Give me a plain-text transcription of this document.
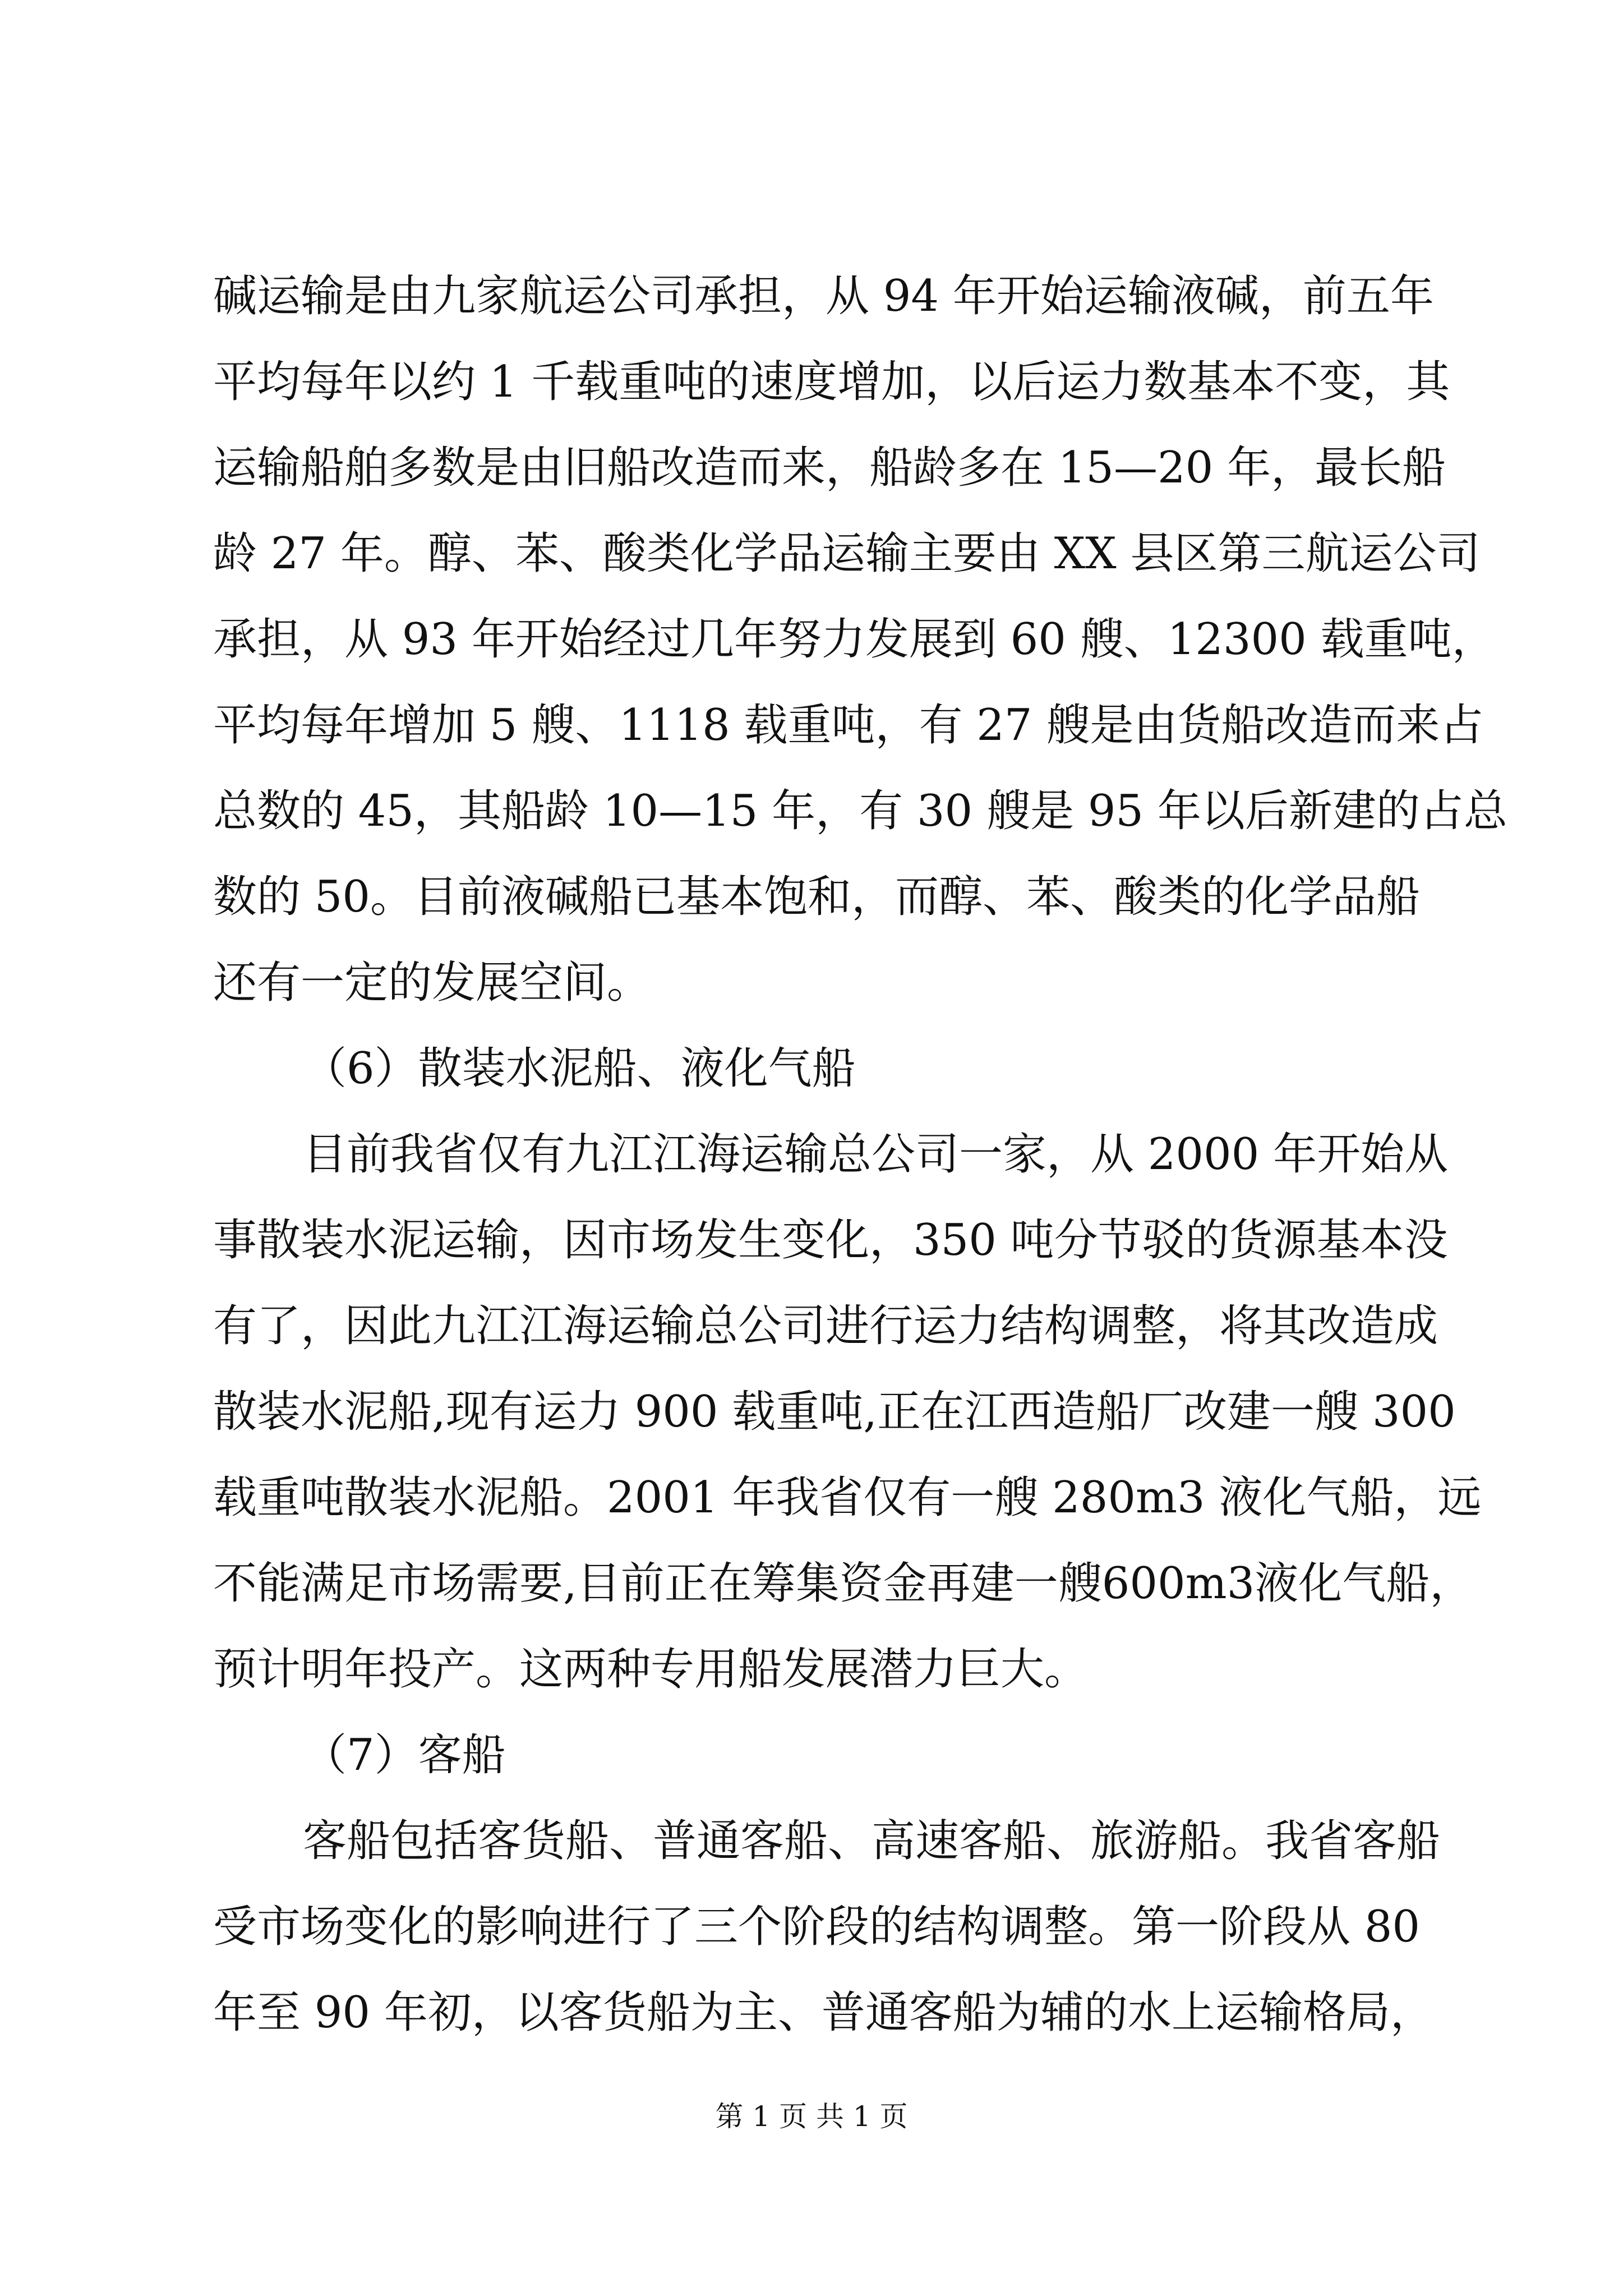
碱运输是由九家航运公司承担，从 94 年开始运输液碱，前五年
平均每年以约 1 千载重吨的速度增加，以后运力数基本不变，其
运输船舶多数是由旧船改造而来，船龄多在 15—20 年，最长船
龄 27 年。醇、苯、酸类化学品运输主要由 XX 县区第三航运公司
承担，从 93 年开始经过几年努力发展到 60 艘、12300 载重吨，
平均每年增加 5 艘、1118 载重吨，有 27 艘是由货船改造而来占
总数的 45，其船龄 10—15 年，有 30 艘是 95 年以后新建的占总
数的 50。目前液碱船已基本饱和，而醇、苯、酸类的化学品船
还有一定的发展空间。
（6）散装水泥船、液化气船
目前我省仅有九江江海运输总公司一家，从 2000 年开始从
事散装水泥运输，因市场发生变化，350 吨分节驳的货源基本没
有了，因此九江江海运输总公司进行运力结构调整，将其改造成
散装水泥船,现有运力 900 载重吨,正在江西造船厂改建一艘 300
载重吨散装水泥船。2001 年我省仅有一艘 280m3 液化气船，远
不能满足市场需要,目前正在筹集资金再建一艘600m3液化气船，
预计明年投产。这两种专用船发展潜力巨大。
（7）客船
客船包括客货船、普通客船、高速客船、旅游船。我省客船
受市场变化的影响进行了三个阶段的结构调整。第一阶段从 80
年至 90 年初，以客货船为主、普通客船为辅的水上运输格局，
第 1 页 共 1 页
